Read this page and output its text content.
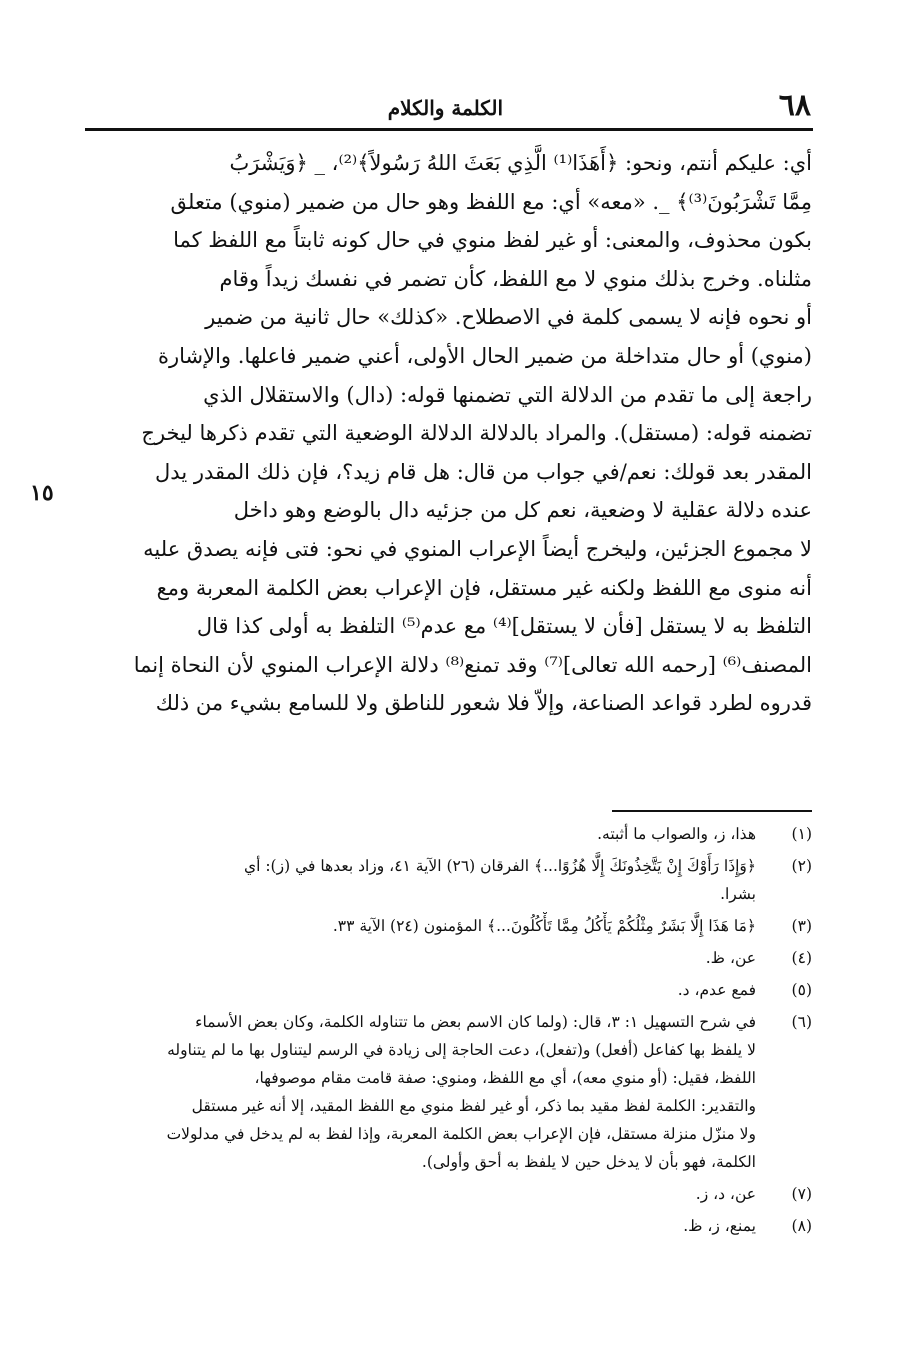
٦٨
الكلمة والكلام
أي: عليكم أنتم، ونحو: ﴿أَهَذَا⁽¹⁾ الَّذِي بَعَثَ اللهُ رَسُولاً﴾⁽²⁾، _ ﴿وَيَشْرَبُ
مِمَّا تَشْرَبُونَ⁽³⁾﴾ _. «معه» أي: مع اللفظ وهو حال من ضمير (منوي) متعلق
بكون محذوف، والمعنى: أو غير لفظ منوي في حال كونه ثابتاً مع اللفظ كما
مثلناه. وخرج بذلك منوي لا مع اللفظ، كأن تضمر في نفسك زيداً وقام
أو نحوه فإنه لا يسمى كلمة في الاصطلاح. «كذلك» حال ثانية من ضمير
(منوي) أو حال متداخلة من ضمير الحال الأولى، أعني ضمير فاعلها. والإشارة
راجعة إلى ما تقدم من الدلالة التي تضمنها قوله: (دال) والاستقلال الذي
تضمنه قوله: (مستقل). والمراد بالدلالة الدلالة الوضعية التي تقدم ذكرها ليخرج
المقدر بعد قولك: نعم/في جواب من قال: هل قام زيد؟، فإن ذلك المقدر يدل
عنده دلالة عقلية لا وضعية، نعم كل من جزئيه دال بالوضع وهو داخل
لا مجموع الجزئين، وليخرج أيضاً الإعراب المنوي في نحو: فتى فإنه يصدق عليه
أنه منوى مع اللفظ ولكنه غير مستقل، فإن الإعراب بعض الكلمة المعربة ومع
التلفظ به لا يستقل [فأن لا يستقل]⁽⁴⁾ مع عدم⁽⁵⁾ التلفظ به أولى كذا قال
المصنف⁽⁶⁾ [رحمه الله تعالى]⁽⁷⁾ وقد تمنع⁽⁸⁾ دلالة الإعراب المنوي لأن النحاة إنما
قدروه لطرد قواعد الصناعة، وإلاّ فلا شعور للناطق ولا للسامع بشيء من ذلك
١٥
(١)
هذا، ز، والصواب ما أثبته.
(٢)
﴿وَإِذَا رَأَوْكَ إِنْ يَتَّخِذُونَكَ إِلَّا هُزُوًا...﴾ الفرقان (٢٦) الآية ٤١، وزاد بعدها في (ز): أي
بشرا.
(٣)
﴿مَا هَذَا إِلَّا بَشَرٌ مِثْلُكُمْ يَأْكُلُ مِمَّا تَأْكُلُونَ...﴾ المؤمنون (٢٤) الآية ٣٣.
(٤)
عن، ظ.
(٥)
فمع عدم، د.
(٦)
في شرح التسهيل ١: ٣، قال: (ولما كان الاسم بعض ما تتناوله الكلمة، وكان بعض الأسماء
لا يلفظ بها كفاعل (أفعل) و(تفعل)، دعت الحاجة إلى زيادة في الرسم ليتناول بها ما لم يتناوله
اللفظ، فقيل: (أو منوي معه)، أي مع اللفظ، ومنوي: صفة قامت مقام موصوفها،
والتقدير: الكلمة لفظ مقيد بما ذكر، أو غير لفظ منوي مع اللفظ المقيد، إلا أنه غير مستقل
ولا منزّل منزلة مستقل، فإن الإعراب بعض الكلمة المعربة، وإذا لفظ به لم يدخل في مدلولات
الكلمة، فهو بأن لا يدخل حين لا يلفظ به أحق وأولى).
(٧)
عن، د، ز.
(٨)
يمنع، ز، ظ.
